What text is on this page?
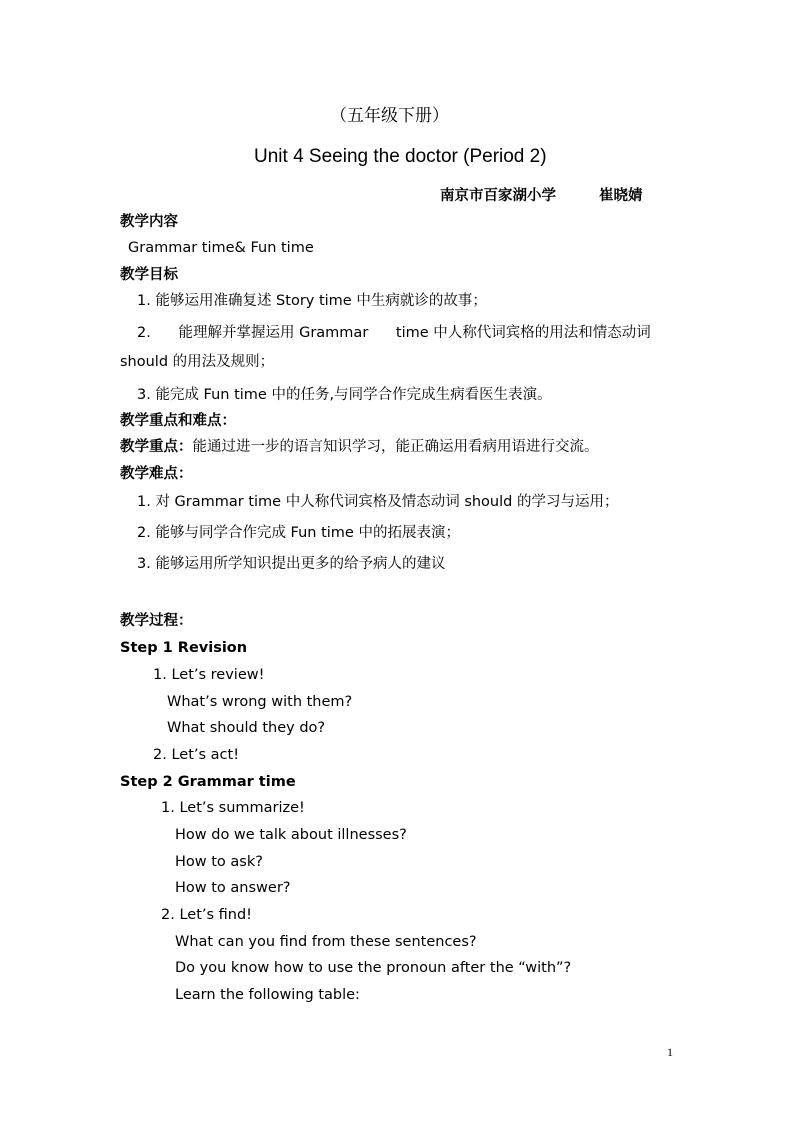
（五年级下册）
Unit 4 Seeing the doctor (Period 2)
南京市百家湖小学	崔晓婧
教学内容
Grammar time& Fun time
教学目标
1. 能够运用准确复述 Story time 中生病就诊的故事；
2.      能理解并掌握运用 Grammar      time 中人称代词宾格的用法和情态动词
should 的用法及规则；
3. 能完成 Fun time 中的任务,与同学合作完成生病看医生表演。
教学重点和难点：
教学重点：能通过进一步的语言知识学习，能正确运用看病用语进行交流。
教学难点：
1. 对 Grammar time 中人称代词宾格及情态动词 should 的学习与运用；
2. 能够与同学合作完成 Fun time 中的拓展表演；
3. 能够运用所学知识提出更多的给予病人的建议
教学过程：
Step 1 Revision
1. Let’s review!
What’s wrong with them?
What should they do?
2. Let’s act!
Step 2 Grammar time
1. Let’s summarize!
How do we talk about illnesses?
How to ask?
How to answer?
2. Let’s find!
What can you find from these sentences?
Do you know how to use the pronoun after the “with”?
Learn the following table:
1
